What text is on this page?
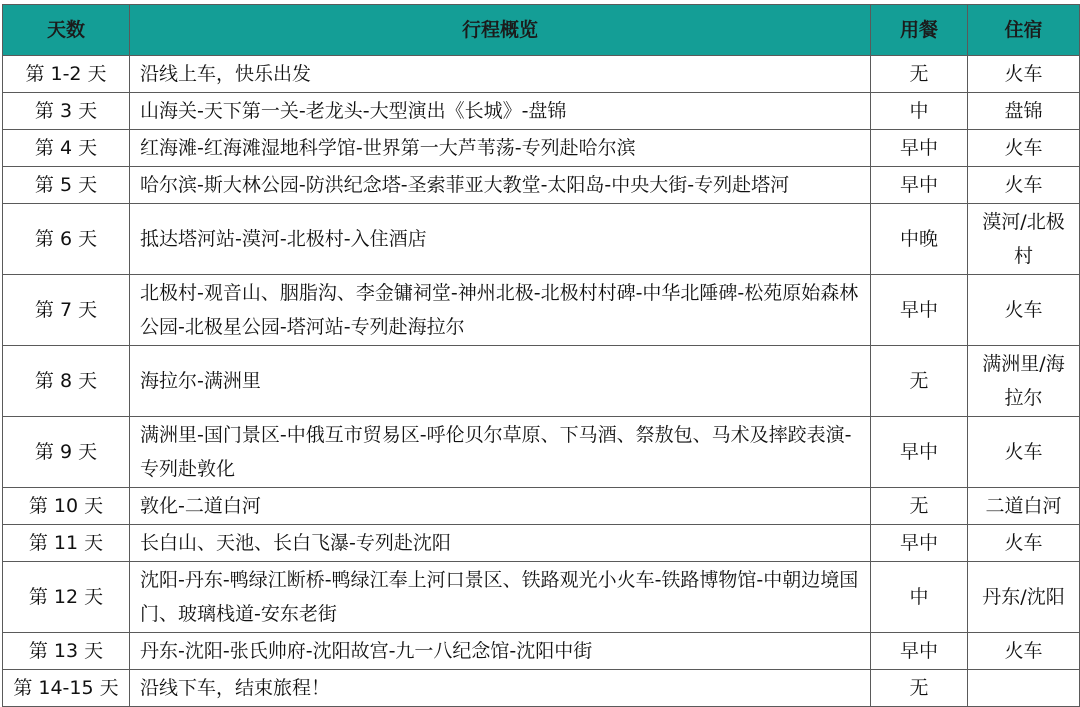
天数	行程概览	用餐	住宿
第 1-2 天	沿线上车，快乐出发	无	火车
第 3 天	山海关-天下第一关-老龙头-大型演出《长城》-盘锦	中	盘锦
第 4 天	红海滩-红海滩湿地科学馆-世界第一大芦苇荡-专列赴哈尔滨	早中	火车
第 5 天	哈尔滨-斯大林公园-防洪纪念塔-圣索菲亚大教堂-太阳岛-中央大街-专列赴塔河	早中	火车
第 6 天	抵达塔河站-漠河-北极村-入住酒店	中晚	漠河/北极村
第 7 天	北极村-观音山、胭脂沟、李金镛祠堂-神州北极-北极村村碑-中华北陲碑-松苑原始森林公园-北极星公园-塔河站-专列赴海拉尔	早中	火车
第 8 天	海拉尔-满洲里	无	满洲里/海拉尔
第 9 天	满洲里-国门景区-中俄互市贸易区-呼伦贝尔草原、下马酒、祭敖包、马术及摔跤表演-专列赴敦化	早中	火车
第 10 天	敦化-二道白河	无	二道白河
第 11 天	长白山、天池、长白飞瀑-专列赴沈阳	早中	火车
第 12 天	沈阳-丹东-鸭绿江断桥-鸭绿江奉上河口景区、铁路观光小火车-铁路博物馆-中朝边境国门、玻璃栈道-安东老街	中	丹东/沈阳
第 13 天	丹东-沈阳-张氏帅府-沈阳故宫-九一八纪念馆-沈阳中街	早中	火车
第 14-15 天	沿线下车，结束旅程！	无	
